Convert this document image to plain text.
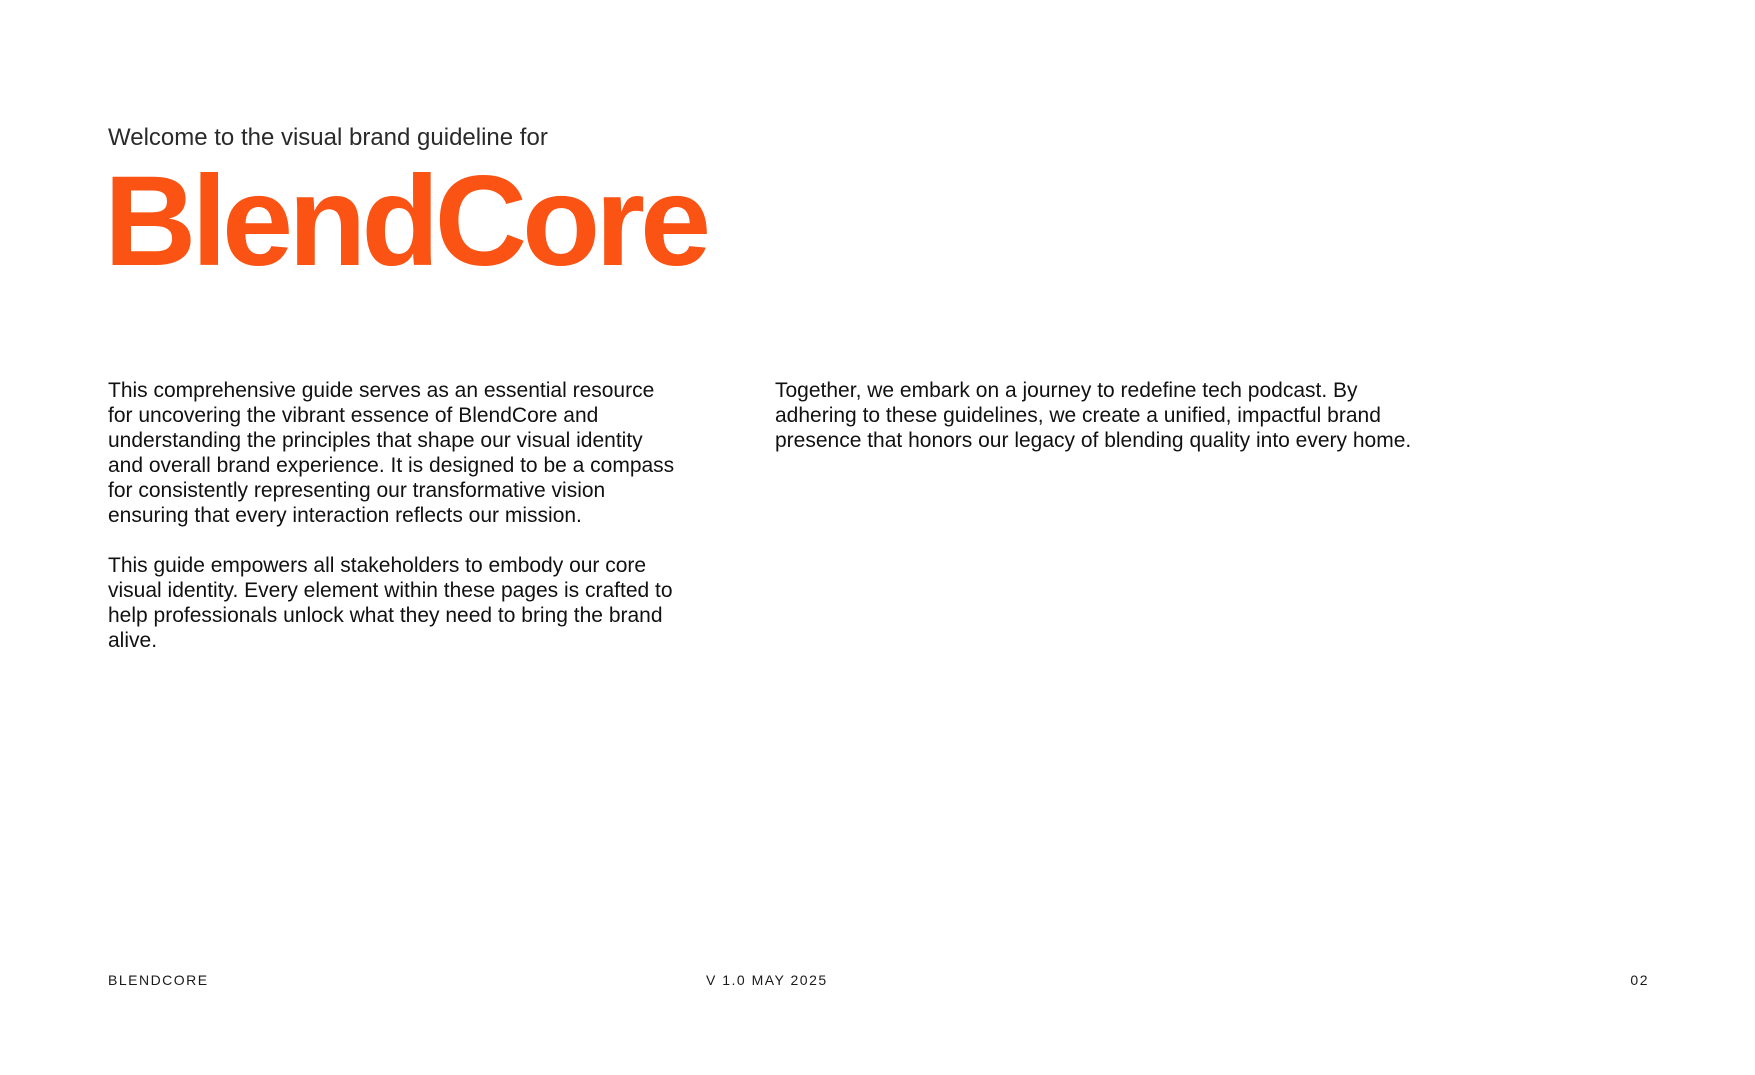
Welcome to the visual brand guideline for
BlendCore

This comprehensive guide serves as an essential resource for uncovering the vibrant essence of BlendCore and understanding the principles that shape our visual identity and overall brand experience. It is designed to be a compass for consistently representing our transformative vision ensuring that every interaction reflects our mission.

This guide empowers all stakeholders to embody our core visual identity. Every element within these pages is crafted to help professionals unlock what they need to bring the brand alive.

Together, we embark on a journey to redefine tech podcast. By adhering to these guidelines, we create a unified, impactful brand presence that honors our legacy of blending quality into every home.

BLENDCORE	V 1.0 MAY 2025	02
